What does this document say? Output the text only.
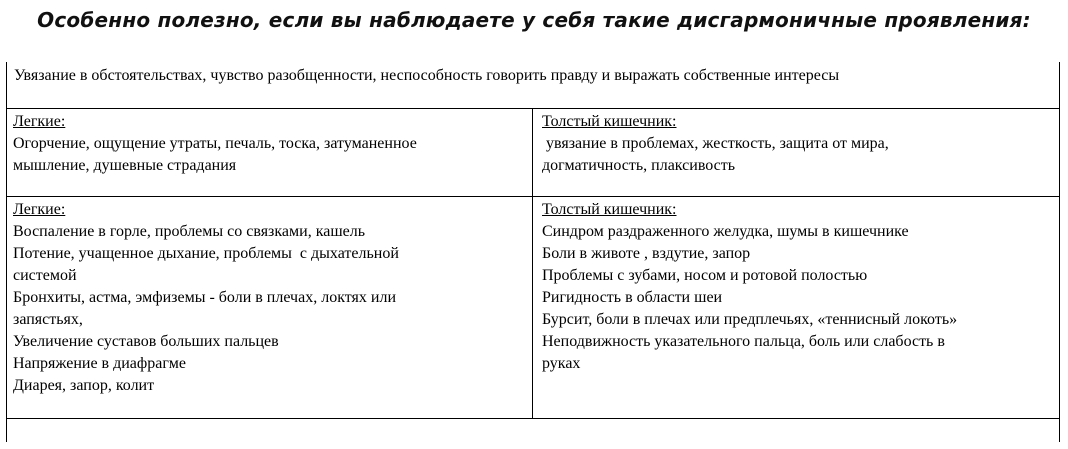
Особенно полезно, если вы наблюдаете у себя такие дисгармоничные проявления:
Увязание в обстоятельствах, чувство разобщенности, неспособность говорить правду и выражать собственные интересы
Легкие:
Огорчение, ощущение утраты, печаль, тоска, затуманенное
мышление, душевные страдания
Толстый кишечник:
увязание в проблемах, жесткость, защита от мира,
догматичность, плаксивость
Легкие:
Воспаление в горле, проблемы со связками, кашель
Потение, учащенное дыхание, проблемы  с дыхательной
системой
Бронхиты, астма, эмфиземы - боли в плечах, локтях или
запястьях,
Увеличение суставов больших пальцев
Напряжение в диафрагме
Диарея, запор, колит
Толстый кишечник:
Синдром раздраженного желудка, шумы в кишечнике
Боли в животе , вздутие, запор
Проблемы с зубами, носом и ротовой полостью
Ригидность в области шеи
Бурсит, боли в плечах или предплечьях, «теннисный локоть»
Неподвижность указательного пальца, боль или слабость в
руках
